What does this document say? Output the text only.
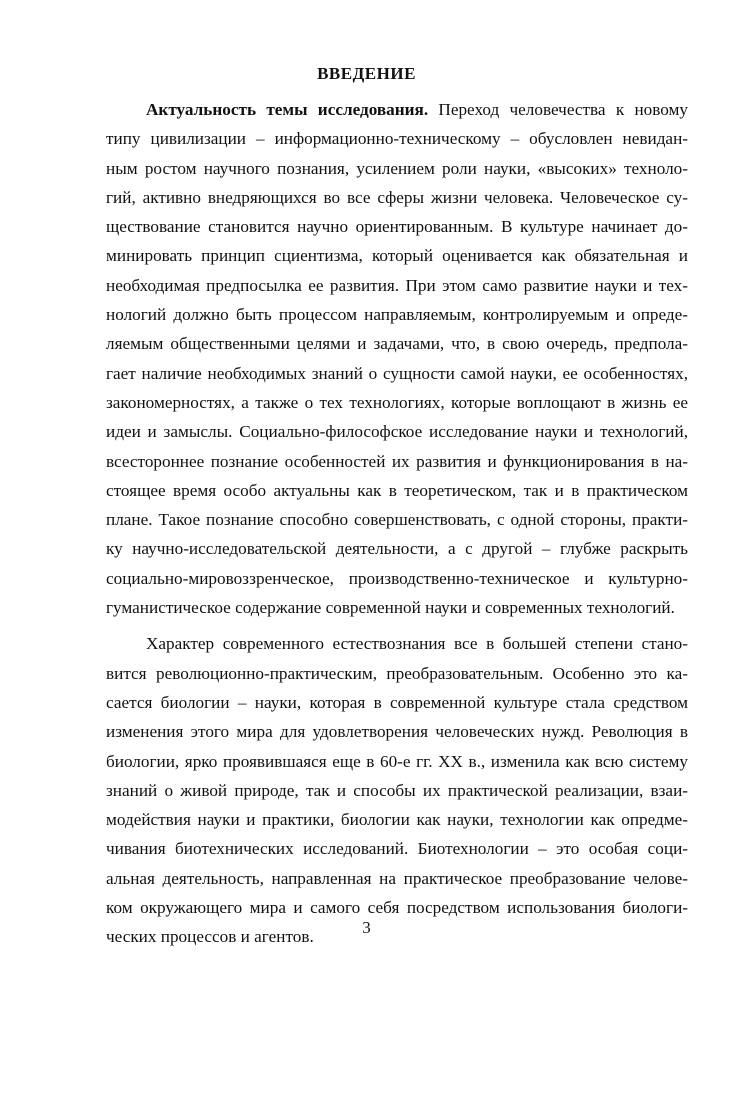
ВВЕДЕНИЕ
Актуальность темы исследования. Переход человечества к новому
типу цивилизации – информационно-техническому – обусловлен невидан-
ным ростом научного познания, усилением роли науки, «высоких» техноло-
гий, активно внедряющихся во все сферы жизни человека. Человеческое су-
ществование становится научно ориентированным. В культуре начинает до-
минировать принцип сциентизма, который оценивается как обязательная и
необходимая предпосылка ее развития. При этом само развитие науки и тех-
нологий должно быть процессом направляемым, контролируемым и опреде-
ляемым общественными целями и задачами, что, в свою очередь, предпола-
гает наличие необходимых знаний о сущности самой науки, ее особенностях,
закономерностях, а также о тех технологиях, которые воплощают в жизнь ее
идеи и замыслы. Социально-философское исследование науки и технологий,
всестороннее познание особенностей их развития и функционирования в на-
стоящее время особо актуальны как в теоретическом, так и в практическом
плане. Такое познание способно совершенствовать, с одной стороны, практи-
ку научно-исследовательской деятельности, а с другой – глубже раскрыть
социально-мировоззренческое, производственно-техническое и культурно-
гуманистическое содержание современной науки и современных технологий.
Характер современного естествознания все в большей степени стано-
вится революционно-практическим, преобразовательным. Особенно это ка-
сается биологии – науки, которая в современной культуре стала средством
изменения этого мира для удовлетворения человеческих нужд. Революция в
биологии, ярко проявившаяся еще в 60-е гг. XX в., изменила как всю систему
знаний о живой природе, так и способы их практической реализации, взаи-
модействия науки и практики, биологии как науки, технологии как опредме-
чивания биотехнических исследований. Биотехнологии – это особая соци-
альная деятельность, направленная на практическое преобразование челове-
ком окружающего мира и самого себя посредством использования биологи-
ческих процессов и агентов.	3
